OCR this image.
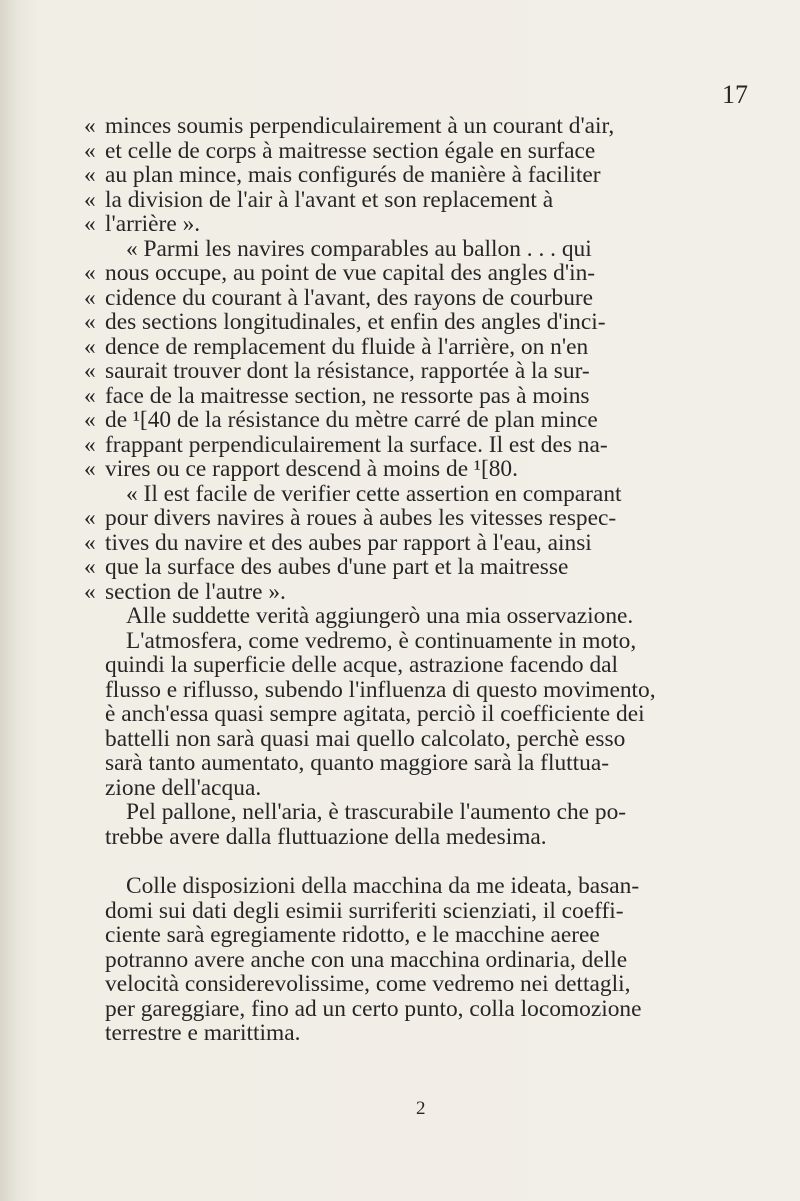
17
« minces soumis perpendiculairement à un courant d'air,
« et celle de corps à maitresse section égale en surface
« au plan mince, mais configurés de manière à faciliter
« la division de l'air à l'avant et son replacement à
« l'arrière ».
« Parmi les navires comparables au ballon . . . qui
« nous occupe, au point de vue capital des angles d'in-
« cidence du courant à l'avant, des rayons de courbure
« des sections longitudinales, et enfin des angles d'inci-
« dence de remplacement du fluide à l'arrière, on n'en
« saurait trouver dont la résistance, rapportée à la sur-
« face de la maitresse section, ne ressorte pas à moins
« de ¹[40 de la résistance du mètre carré de plan mince
« frappant perpendiculairement la surface. Il est des na-
« vires ou ce rapport descend à moins de ¹[80.
« Il est facile de verifier cette assertion en comparant
« pour divers navires à roues à aubes les vitesses respec-
« tives du navire et des aubes par rapport à l'eau, ainsi
« que la surface des aubes d'une part et la maitresse
« section de l'autre ».
Alle suddette verità aggiungerò una mia osservazione.
L'atmosfera, come vedremo, è continuamente in moto,
quindi la superficie delle acque, astrazione facendo dal
flusso e riflusso, subendo l'influenza di questo movimento,
è anch'essa quasi sempre agitata, perciò il coefficiente dei
battelli non sarà quasi mai quello calcolato, perchè esso
sarà tanto aumentato, quanto maggiore sarà la fluttua-
zione dell'acqua.
Pel pallone, nell'aria, è trascurabile l'aumento che po-
trebbe avere dalla fluttuazione della medesima.
Colle disposizioni della macchina da me ideata, basan-
domi sui dati degli esimii surriferiti scienziati, il coeffi-
ciente sarà egregiamente ridotto, e le macchine aeree
potranno avere anche con una macchina ordinaria, delle
velocità considerevolissime, come vedremo nei dettagli,
per gareggiare, fino ad un certo punto, colla locomozione
terrestre e marittima.
2
